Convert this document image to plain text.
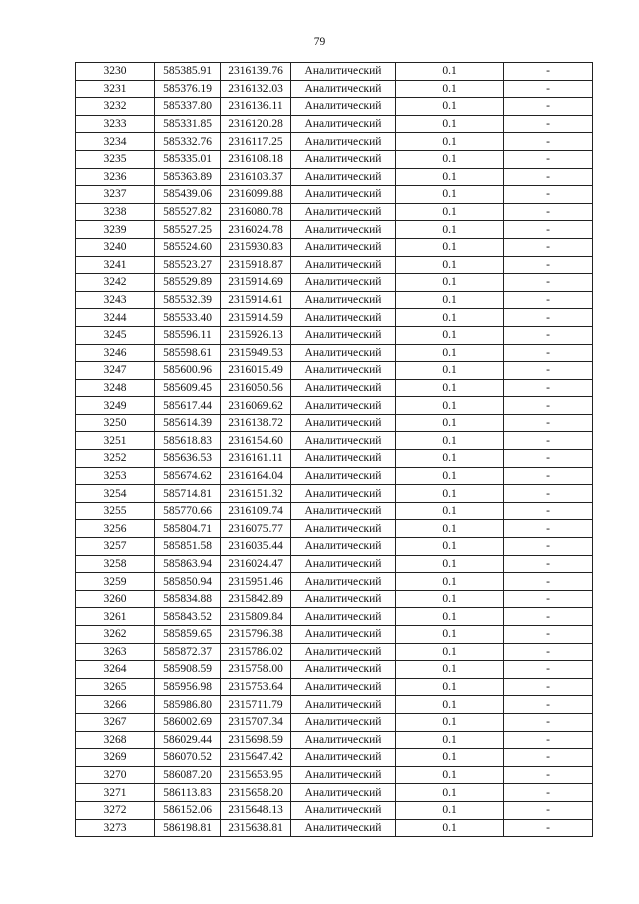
79
3230	585385.91	2316139.76	Аналитический	0.1	-
3231	585376.19	2316132.03	Аналитический	0.1	-
3232	585337.80	2316136.11	Аналитический	0.1	-
3233	585331.85	2316120.28	Аналитический	0.1	-
3234	585332.76	2316117.25	Аналитический	0.1	-
3235	585335.01	2316108.18	Аналитический	0.1	-
3236	585363.89	2316103.37	Аналитический	0.1	-
3237	585439.06	2316099.88	Аналитический	0.1	-
3238	585527.82	2316080.78	Аналитический	0.1	-
3239	585527.25	2316024.78	Аналитический	0.1	-
3240	585524.60	2315930.83	Аналитический	0.1	-
3241	585523.27	2315918.87	Аналитический	0.1	-
3242	585529.89	2315914.69	Аналитический	0.1	-
3243	585532.39	2315914.61	Аналитический	0.1	-
3244	585533.40	2315914.59	Аналитический	0.1	-
3245	585596.11	2315926.13	Аналитический	0.1	-
3246	585598.61	2315949.53	Аналитический	0.1	-
3247	585600.96	2316015.49	Аналитический	0.1	-
3248	585609.45	2316050.56	Аналитический	0.1	-
3249	585617.44	2316069.62	Аналитический	0.1	-
3250	585614.39	2316138.72	Аналитический	0.1	-
3251	585618.83	2316154.60	Аналитический	0.1	-
3252	585636.53	2316161.11	Аналитический	0.1	-
3253	585674.62	2316164.04	Аналитический	0.1	-
3254	585714.81	2316151.32	Аналитический	0.1	-
3255	585770.66	2316109.74	Аналитический	0.1	-
3256	585804.71	2316075.77	Аналитический	0.1	-
3257	585851.58	2316035.44	Аналитический	0.1	-
3258	585863.94	2316024.47	Аналитический	0.1	-
3259	585850.94	2315951.46	Аналитический	0.1	-
3260	585834.88	2315842.89	Аналитический	0.1	-
3261	585843.52	2315809.84	Аналитический	0.1	-
3262	585859.65	2315796.38	Аналитический	0.1	-
3263	585872.37	2315786.02	Аналитический	0.1	-
3264	585908.59	2315758.00	Аналитический	0.1	-
3265	585956.98	2315753.64	Аналитический	0.1	-
3266	585986.80	2315711.79	Аналитический	0.1	-
3267	586002.69	2315707.34	Аналитический	0.1	-
3268	586029.44	2315698.59	Аналитический	0.1	-
3269	586070.52	2315647.42	Аналитический	0.1	-
3270	586087.20	2315653.95	Аналитический	0.1	-
3271	586113.83	2315658.20	Аналитический	0.1	-
3272	586152.06	2315648.13	Аналитический	0.1	-
3273	586198.81	2315638.81	Аналитический	0.1	-
